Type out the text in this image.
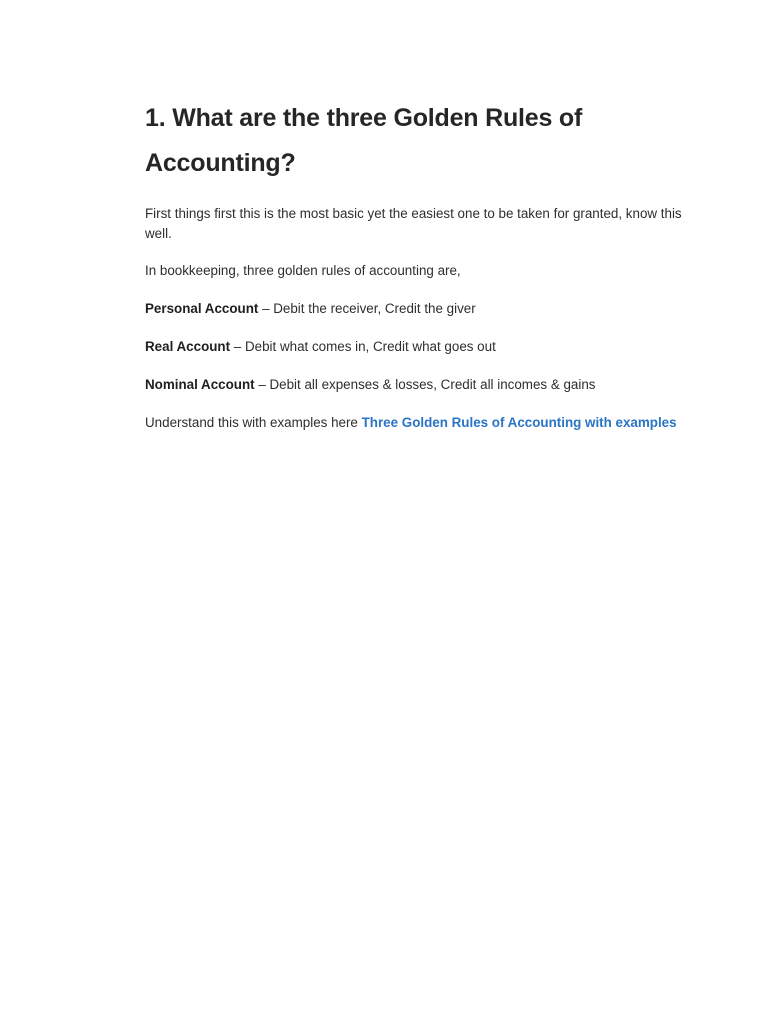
1. What are the three Golden Rules of Accounting?

First things first this is the most basic yet the easiest one to be taken for granted, know this well.

In bookkeeping, three golden rules of accounting are,

Personal Account – Debit the receiver, Credit the giver

Real Account – Debit what comes in, Credit what goes out

Nominal Account – Debit all expenses & losses, Credit all incomes & gains

Understand this with examples here Three Golden Rules of Accounting with examples
